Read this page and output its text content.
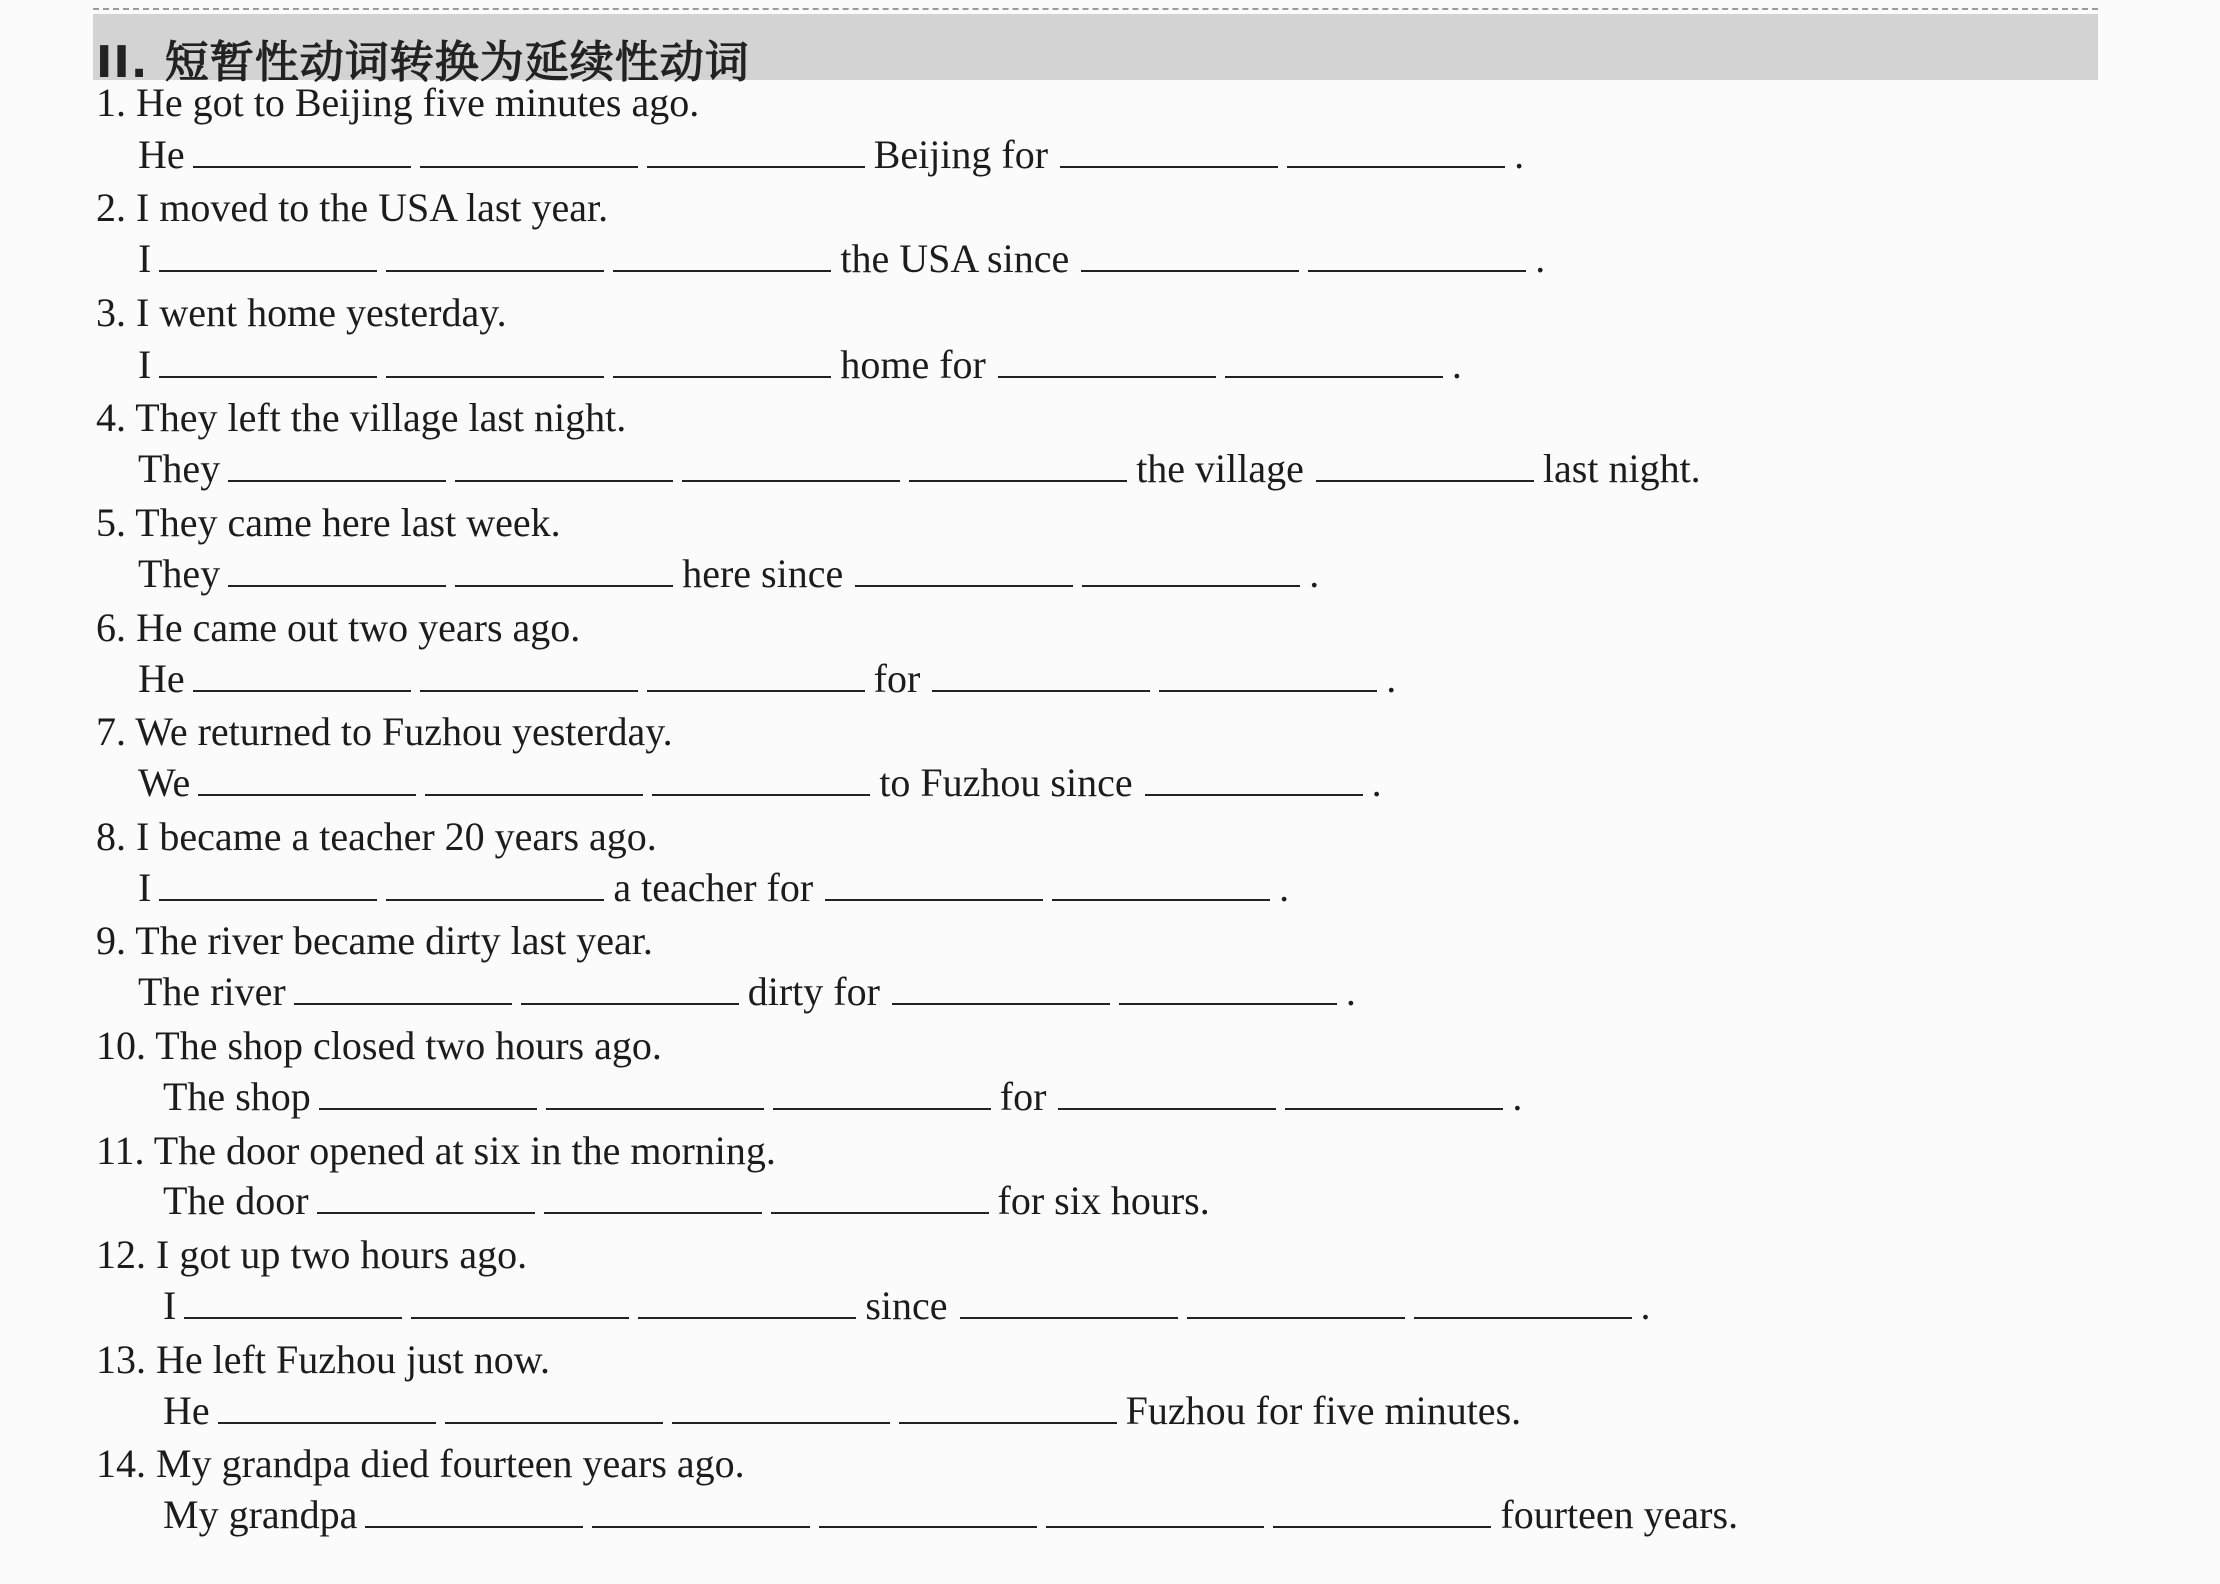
II. 短暂性动词转换为延续性动词
1. He got to Beijing five minutes ago.
He	Beijing for	.
2. I moved to the USA last year.
I	the USA since	.
3. I went home yesterday.
I	home for	.
4. They left the village last night.
They	the village	last night.
5. They came here last week.
They	here since	.
6. He came out two years ago.
He	for	.
7. We returned to Fuzhou yesterday.
We	to Fuzhou since	.
8. I became a teacher 20 years ago.
I	a teacher for	.
9. The river became dirty last year.
The river	dirty for	.
10. The shop closed two hours ago.
The shop	for	.
11. The door opened at six in the morning.
The door	for six hours.
12. I got up two hours ago.
I	since	.
13. He left Fuzhou just now.
He	Fuzhou for five minutes.
14. My grandpa died fourteen years ago.
My grandpa	fourteen years.
